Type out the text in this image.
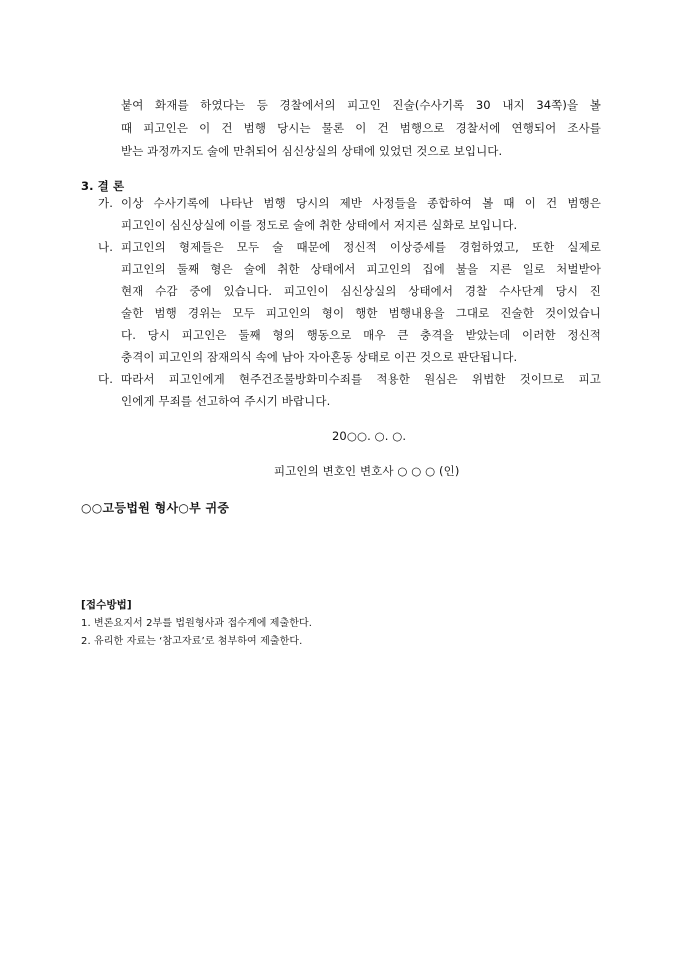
붙여 화재를 하였다는 등 경찰에서의 피고인 진술(수사기록 30 내지 34쪽)을 볼
때 피고인은 이 건 범행 당시는 물론 이 건 범행으로 경찰서에 연행되어 조사를
받는 과정까지도 술에 만취되어 심신상실의 상태에 있었던 것으로 보입니다.
3. 결 론
가. 이상 수사기록에 나타난 범행 당시의 제반 사정들을 종합하여 볼 때 이 건 범행은
피고인이 심신상실에 이를 정도로 술에 취한 상태에서 저지른 실화로 보입니다.
나. 피고인의 형제들은 모두 술 때문에 정신적 이상증세를 경험하였고, 또한 실제로
피고인의 둘째 형은 술에 취한 상태에서 피고인의 집에 불을 지른 일로 처벌받아
현재 수감 중에 있습니다. 피고인이 심신상실의 상태에서 경찰 수사단계 당시 진
술한 범행 경위는 모두 피고인의 형이 행한 범행내용을 그대로 진술한 것이었습니
다. 당시 피고인은 둘째 형의 행동으로 매우 큰 충격을 받았는데 이러한 정신적
충격이 피고인의 잠재의식 속에 남아 자아혼동 상태로 이끈 것으로 판단됩니다.
다. 따라서 피고인에게 현주건조물방화미수죄를 적용한 원심은 위법한 것이므로 피고
인에게 무죄를 선고하여 주시기 바랍니다.
20○○. ○. ○.
피고인의 변호인 변호사 ○ ○ ○ (인)
○○고등법원 형사○부 귀중
[접수방법]
1. 변론요지서 2부를 법원형사과 접수계에 제출한다.
2. 유리한 자료는 ‘참고자료’로 첨부하여 제출한다.
